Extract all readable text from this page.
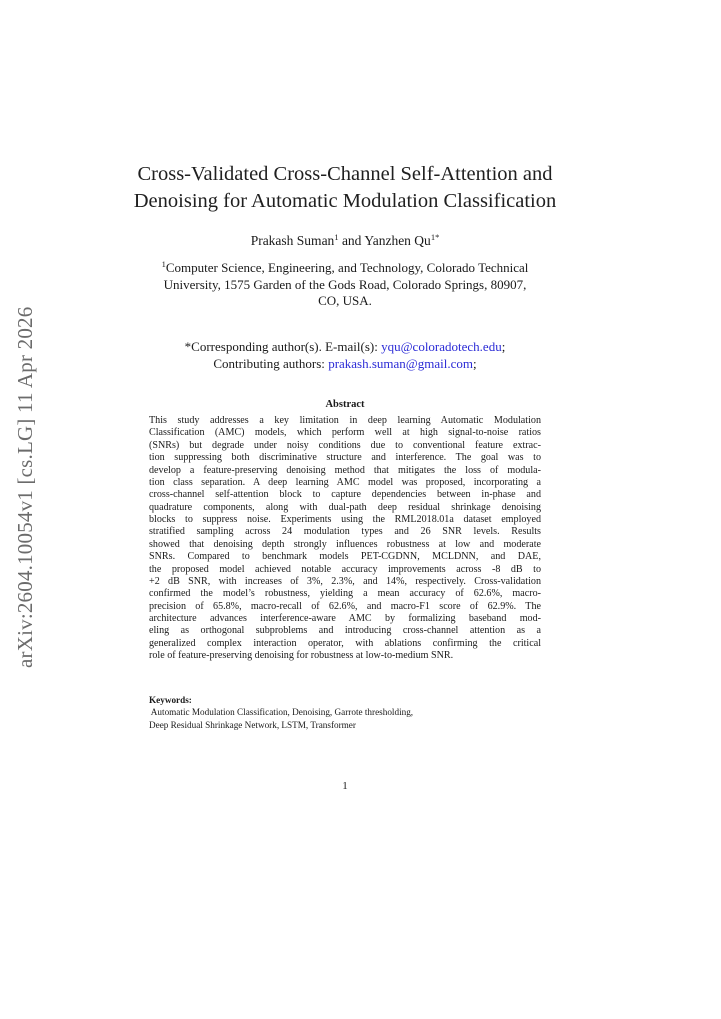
arXiv:2604.10054v1 [cs.LG] 11 Apr 2026
Cross-Validated Cross-Channel Self-Attention and
Denoising for Automatic Modulation Classification
Prakash Suman$^1$ and Yanzhen $Qu^{1*}$
$^1$Computer Science, Engineering, and Technology, Colorado Technical
University, 1575 Garden of the Gods Road, Colorado Springs, 80907,
CO, USA.
*Corresponding author(s). E-mail(s): yqu@coloradotech.edu;
Contributing authors: prakash.suman@gmail.com;
Abstract
This study addresses a key limitation in deep learning Automatic Modulation
Classification (AMC) models, which perform well at high signal-to-noise ratios
(SNRs) but degrade under noisy conditions due to conventional feature extrac-
tion suppressing both discriminative structure and interference. The goal was to
develop a feature-preserving denoising method that mitigates the loss of modula-
tion class separation. A deep learning AMC model was proposed, incorporating a
cross-channel self-attention block to capture dependencies between in-phase and
quadrature components, along with dual-path deep residual shrinkage denoising
blocks to suppress noise. Experiments using the RML2018.01a dataset employed
stratified sampling across 24 modulation types and 26 SNR levels. Results
showed that denoising depth strongly influences robustness at low and moderate
SNRs. Compared to benchmark models PET-CGDNN, MCLDNN, and DAE,
the proposed model achieved notable accuracy improvements across -8 dB to
+2 dB SNR, with increases of 3%, 2.3%, and 14%, respectively. Cross-validation
confirmed the model’s robustness, yielding a mean accuracy of 62.6%, macro-
precision of 65.8%, macro-recall of 62.6%, and macro-F1 score of 62.9%. The
architecture advances interference-aware AMC by formalizing baseband mod-
eling as orthogonal subproblems and introducing cross-channel attention as a
generalized complex interaction operator, with ablations confirming the critical
role of feature-preserving denoising for robustness at low-to-medium SNR.
Keywords:
Automatic Modulation Classification, Denoising, Garrote thresholding,
Deep Residual Shrinkage Network, LSTM, Transformer
1
